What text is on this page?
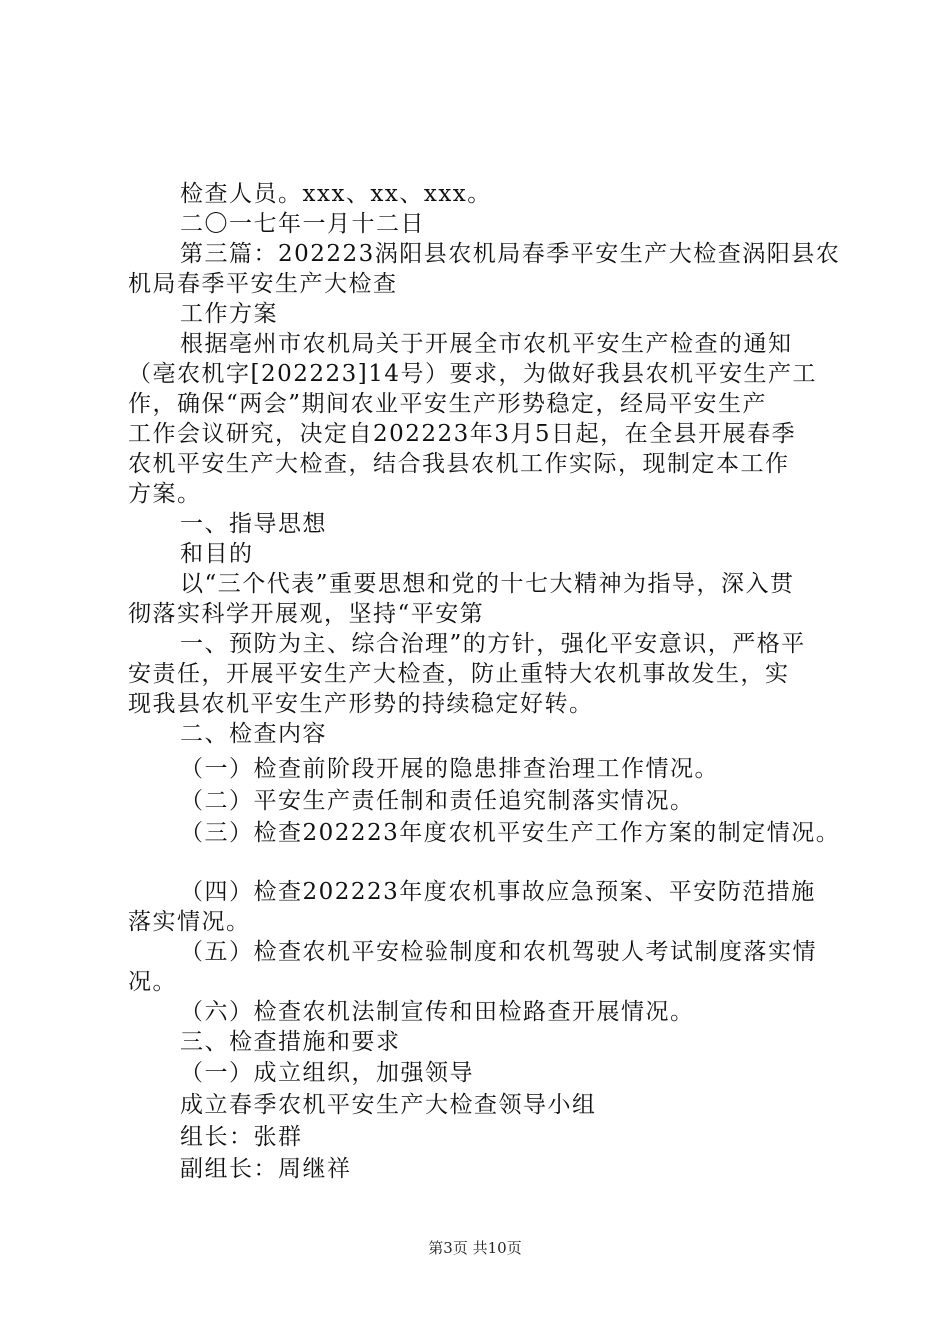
检查人员。xxx、xx、xxx。
二〇一七年一月十二日
第三篇：202223涡阳县农机局春季平安生产大检查涡阳县农
机局春季平安生产大检查
工作方案
根据亳州市农机局关于开展全市农机平安生产检查的通知
（亳农机字[202223]14号）要求，为做好我县农机平安生产工
作，确保“两会”期间农业平安生产形势稳定，经局平安生产
工作会议研究，决定自202223年3月5日起，在全县开展春季
农机平安生产大检查，结合我县农机工作实际，现制定本工作
方案。
一、指导思想
和目的
以“三个代表”重要思想和党的十七大精神为指导，深入贯
彻落实科学开展观，坚持“平安第
一、预防为主、综合治理”的方针，强化平安意识，严格平
安责任，开展平安生产大检查，防止重特大农机事故发生，实
现我县农机平安生产形势的持续稳定好转。
二、检查内容
（一）检查前阶段开展的隐患排查治理工作情况。
（二）平安生产责任制和责任追究制落实情况。
（三）检查202223年度农机平安生产工作方案的制定情况。
（四）检查202223年度农机事故应急预案、平安防范措施
落实情况。
（五）检查农机平安检验制度和农机驾驶人考试制度落实情
况。
（六）检查农机法制宣传和田检路查开展情况。
三、检查措施和要求
（一）成立组织，加强领导
成立春季农机平安生产大检查领导小组
组长：张群
副组长：周继祥
第3页 共10页
